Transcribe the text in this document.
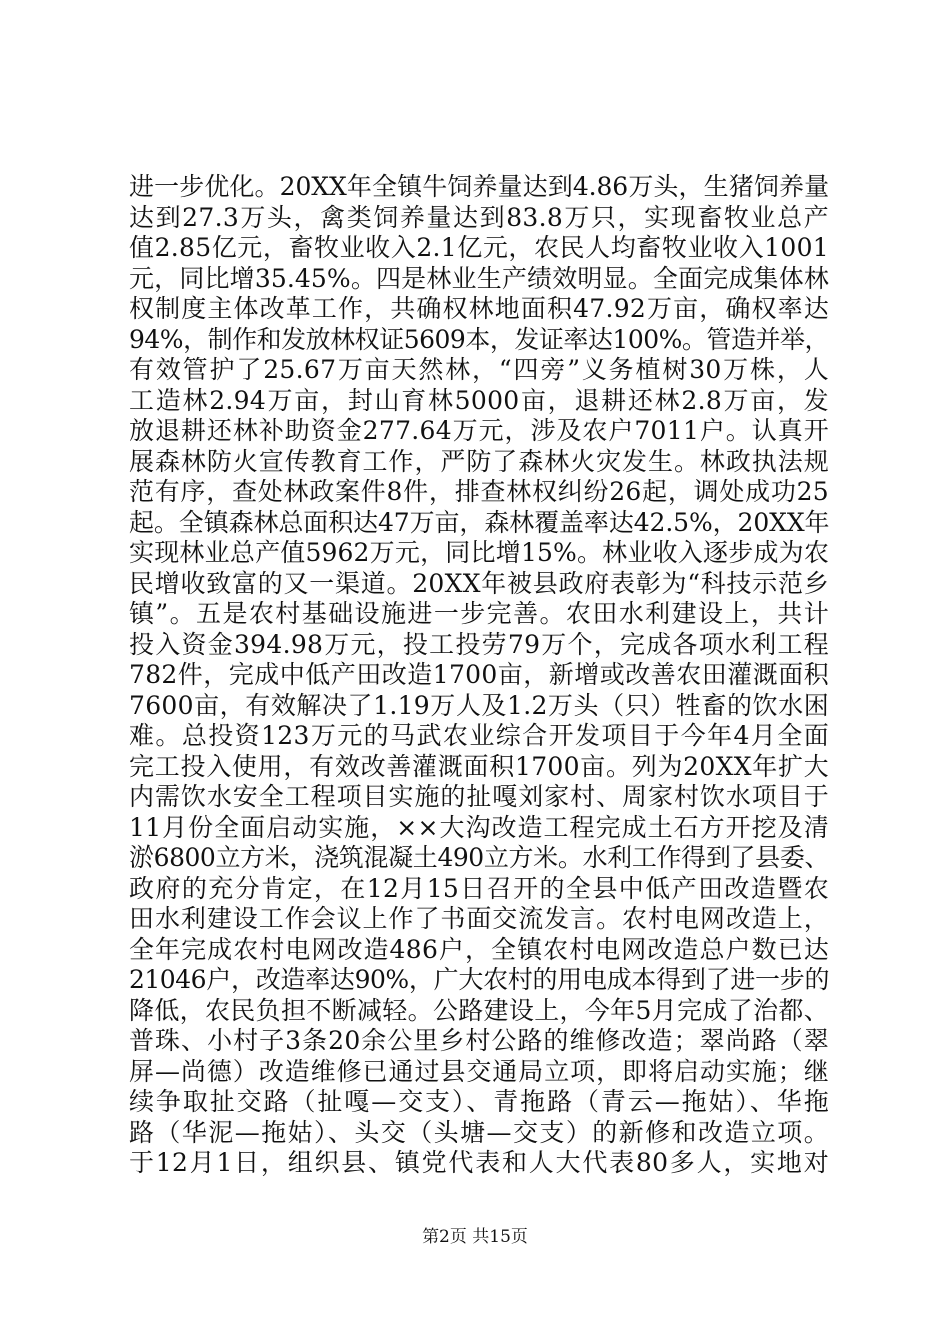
进一步优化。20XX年全镇牛饲养量达到4.86万头，生猪饲养量
达到27.3万头，禽类饲养量达到83.8万只，实现畜牧业总产
值2.85亿元，畜牧业收入2.1亿元，农民人均畜牧业收入1001
元，同比增35.45%。四是林业生产绩效明显。全面完成集体林
权制度主体改革工作，共确权林地面积47.92万亩，确权率达
94%，制作和发放林权证5609本，发证率达100%。管造并举，
有效管护了25.67万亩天然林，“四旁”义务植树30万株，人
工造林2.94万亩，封山育林5000亩，退耕还林2.8万亩，发
放退耕还林补助资金277.64万元，涉及农户7011户。认真开
展森林防火宣传教育工作，严防了森林火灾发生。林政执法规
范有序，查处林政案件8件，排查林权纠纷26起，调处成功25
起。全镇森林总面积达47万亩，森林覆盖率达42.5%，20XX年
实现林业总产值5962万元，同比增15%。林业收入逐步成为农
民增收致富的又一渠道。20XX年被县政府表彰为“科技示范乡
镇”。五是农村基础设施进一步完善。农田水利建设上，共计
投入资金394.98万元，投工投劳79万个，完成各项水利工程
782件，完成中低产田改造1700亩，新增或改善农田灌溉面积
7600亩，有效解决了1.19万人及1.2万头（只）牲畜的饮水困
难。总投资123万元的马武农业综合开发项目于今年4月全面
完工投入使用，有效改善灌溉面积1700亩。列为20XX年扩大
内需饮水安全工程项目实施的扯嘎刘家村、周家村饮水项目于
11月份全面启动实施，××大沟改造工程完成土石方开挖及清
淤6800立方米，浇筑混凝土490立方米。水利工作得到了县委、
政府的充分肯定，在12月15日召开的全县中低产田改造暨农
田水利建设工作会议上作了书面交流发言。农村电网改造上，
全年完成农村电网改造486户，全镇农村电网改造总户数已达
21046户，改造率达90%，广大农村的用电成本得到了进一步的
降低，农民负担不断减轻。公路建设上，今年5月完成了治都、
普珠、小村子3条20余公里乡村公路的维修改造；翠尚路（翠
屏—尚德）改造维修已通过县交通局立项，即将启动实施；继
续争取扯交路（扯嘎—交支）、青拖路（青云—拖姑）、华拖
路（华泥—拖姑）、头交（头塘—交支）的新修和改造立项。
于12月1日，组织县、镇党代表和人大代表80多人，实地对
第2页 共15页
